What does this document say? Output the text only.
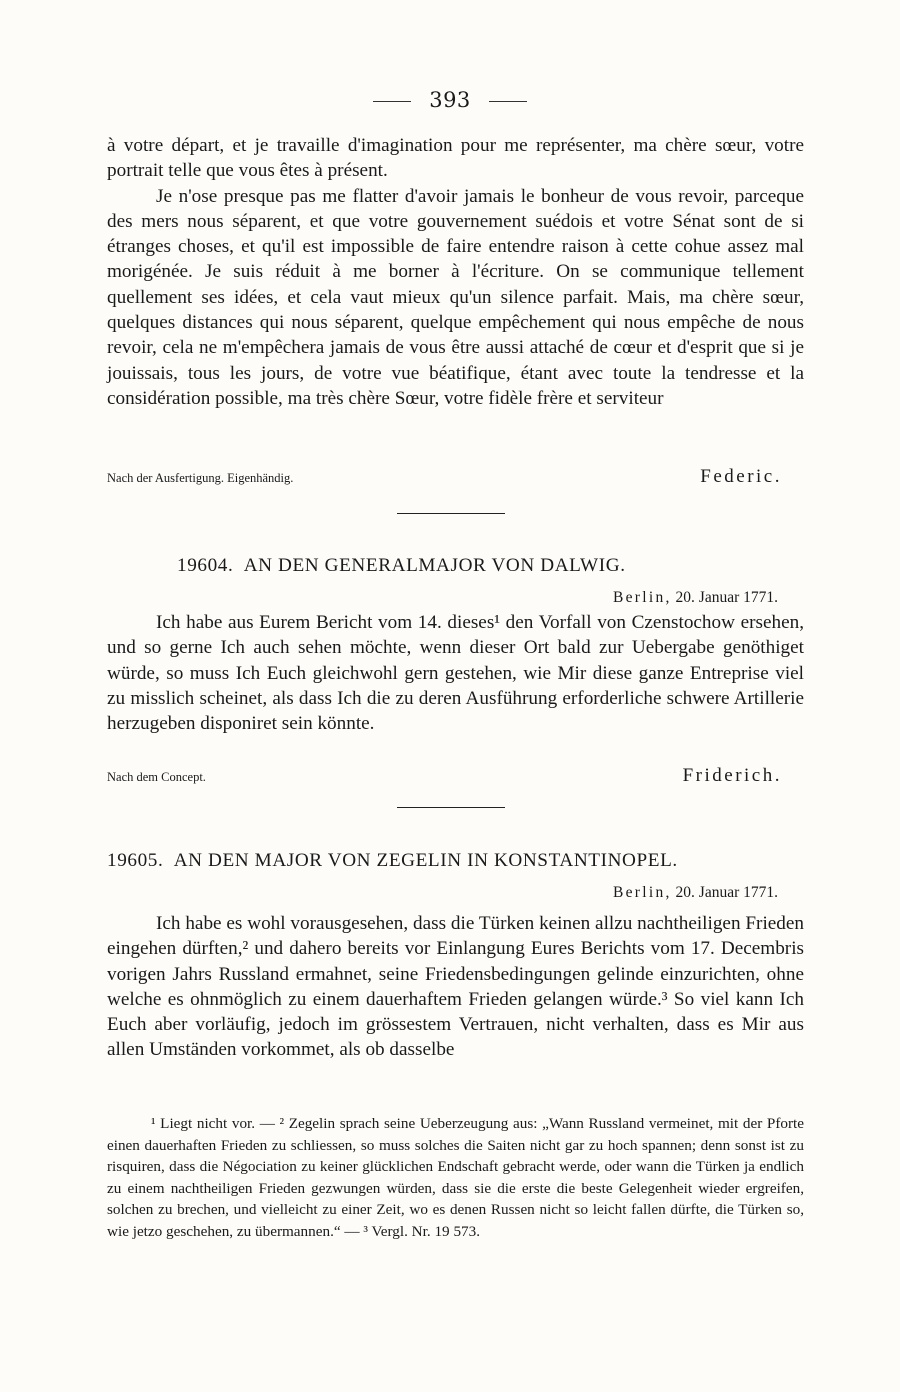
393

à votre départ, et je travaille d'imagination pour me représenter, ma chère sœur, votre portrait telle que vous êtes à présent.

Je n'ose presque pas me flatter d'avoir jamais le bonheur de vous revoir, parceque des mers nous séparent, et que votre gouvernement suédois et votre Sénat sont de si étranges choses, et qu'il est impossible de faire entendre raison à cette cohue assez mal morigénée. Je suis réduit à me borner à l'écriture. On se communique tellement quellement ses idées, et cela vaut mieux qu'un silence parfait. Mais, ma chère sœur, quelques distances qui nous séparent, quelque empêchement qui nous empêche de nous revoir, cela ne m'empêchera jamais de vous être aussi attaché de cœur et d'esprit que si je jouissais, tous les jours, de votre vue béatifique, étant avec toute la tendresse et la considération possible, ma très chère Sœur, votre fidèle frère et serviteur

Nach der Ausfertigung. Eigenhändig.	Federic.
19604. AN DEN GENERALMAJOR VON DALWIG.
Berlin, 20. Januar 1771.

Ich habe aus Eurem Bericht vom 14. dieses¹ den Vorfall von Czenstochow ersehen, und so gerne Ich auch sehen möchte, wenn dieser Ort bald zur Uebergabe genöthiget würde, so muss Ich Euch gleichwohl gern gestehen, wie Mir diese ganze Entreprise viel zu misslich scheinet, als dass Ich die zu deren Ausführung erforderliche schwere Artillerie herzugeben disponiret sein könnte.

Nach dem Concept.	Friderich.
19605. AN DEN MAJOR VON ZEGELIN IN KONSTANTINOPEL.
Berlin, 20. Januar 1771.

Ich habe es wohl vorausgesehen, dass die Türken keinen allzu nachtheiligen Frieden eingehen dürften,² und dahero bereits vor Einlangung Eures Berichts vom 17. Decembris vorigen Jahrs Russland ermahnet, seine Friedensbedingungen gelinde einzurichten, ohne welche es ohnmöglich zu einem dauerhaftem Frieden gelangen würde.³ So viel kann Ich Euch aber vorläufig, jedoch im grössestem Vertrauen, nicht verhalten, dass es Mir aus allen Umständen vorkommet, als ob dasselbe

¹ Liegt nicht vor. — ² Zegelin sprach seine Ueberzeugung aus: „Wann Russland vermeinet, mit der Pforte einen dauerhaften Frieden zu schliessen, so muss solches die Saiten nicht gar zu hoch spannen; denn sonst ist zu risquiren, dass die Négociation zu keiner glücklichen Endschaft gebracht werde, oder wann die Türken ja endlich zu einem nachtheiligen Frieden gezwungen würden, dass sie die erste die beste Gelegenheit wieder ergreifen, solchen zu brechen, und vielleicht zu einer Zeit, wo es denen Russen nicht so leicht fallen dürfte, die Türken so, wie jetzo geschehen, zu übermannen.“ — ³ Vergl. Nr. 19 573.
